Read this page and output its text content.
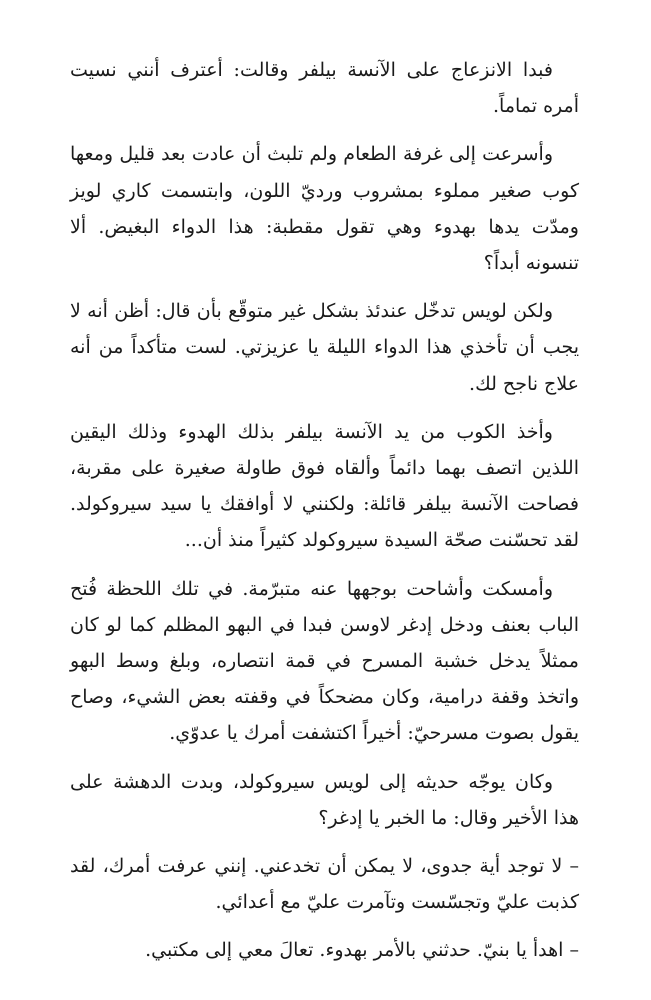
فبدا الانزعاج على الآنسة بيلفر وقالت: أعترف أنني نسيت أمره تماماً.

وأسرعت إلى غرفة الطعام ولم تلبث أن عادت بعد قليل ومعها كوب صغير مملوء بمشروب ورديّ اللون، وابتسمت كاري لويز ومدّت يدها بهدوء وهي تقول مقطبة: هذا الدواء البغيض. ألا تنسونه أبداً؟

ولكن لويس تدخّل عندئذ بشكل غير متوقّع بأن قال: أظن أنه لا يجب أن تأخذي هذا الدواء الليلة يا عزيزتي. لست متأكداً من أنه علاج ناجح لك.

وأخذ الكوب من يد الآنسة بيلفر بذلك الهدوء وذلك اليقين اللذين اتصف بهما دائماً وألقاه فوق طاولة صغيرة على مقربة، فصاحت الآنسة بيلفر قائلة: ولكنني لا أوافقك يا سيد سيروكولد. لقد تحسّنت صحّة السيدة سيروكولد كثيراً منذ أن...

وأمسكت وأشاحت بوجهها عنه متبرّمة. في تلك اللحظة فُتح الباب بعنف ودخل إدغر لاوسن فبدا في البهو المظلم كما لو كان ممثلاً يدخل خشبة المسرح في قمة انتصاره، وبلغ وسط البهو واتخذ وقفة درامية، وكان مضحكاً في وقفته بعض الشيء، وصاح يقول بصوت مسرحيّ: أخيراً اكتشفت أمرك يا عدوّي.

وكان يوجّه حديثه إلى لويس سيروكولد، وبدت الدهشة على هذا الأخير وقال: ما الخبر يا إدغر؟

– لا توجد أية جدوى، لا يمكن أن تخدعني. إنني عرفت أمرك، لقد كذبت عليّ وتجسّست وتآمرت عليّ مع أعدائي.

– اهدأ يا بنيّ. حدثني بالأمر بهدوء. تعالَ معي إلى مكتبي.
